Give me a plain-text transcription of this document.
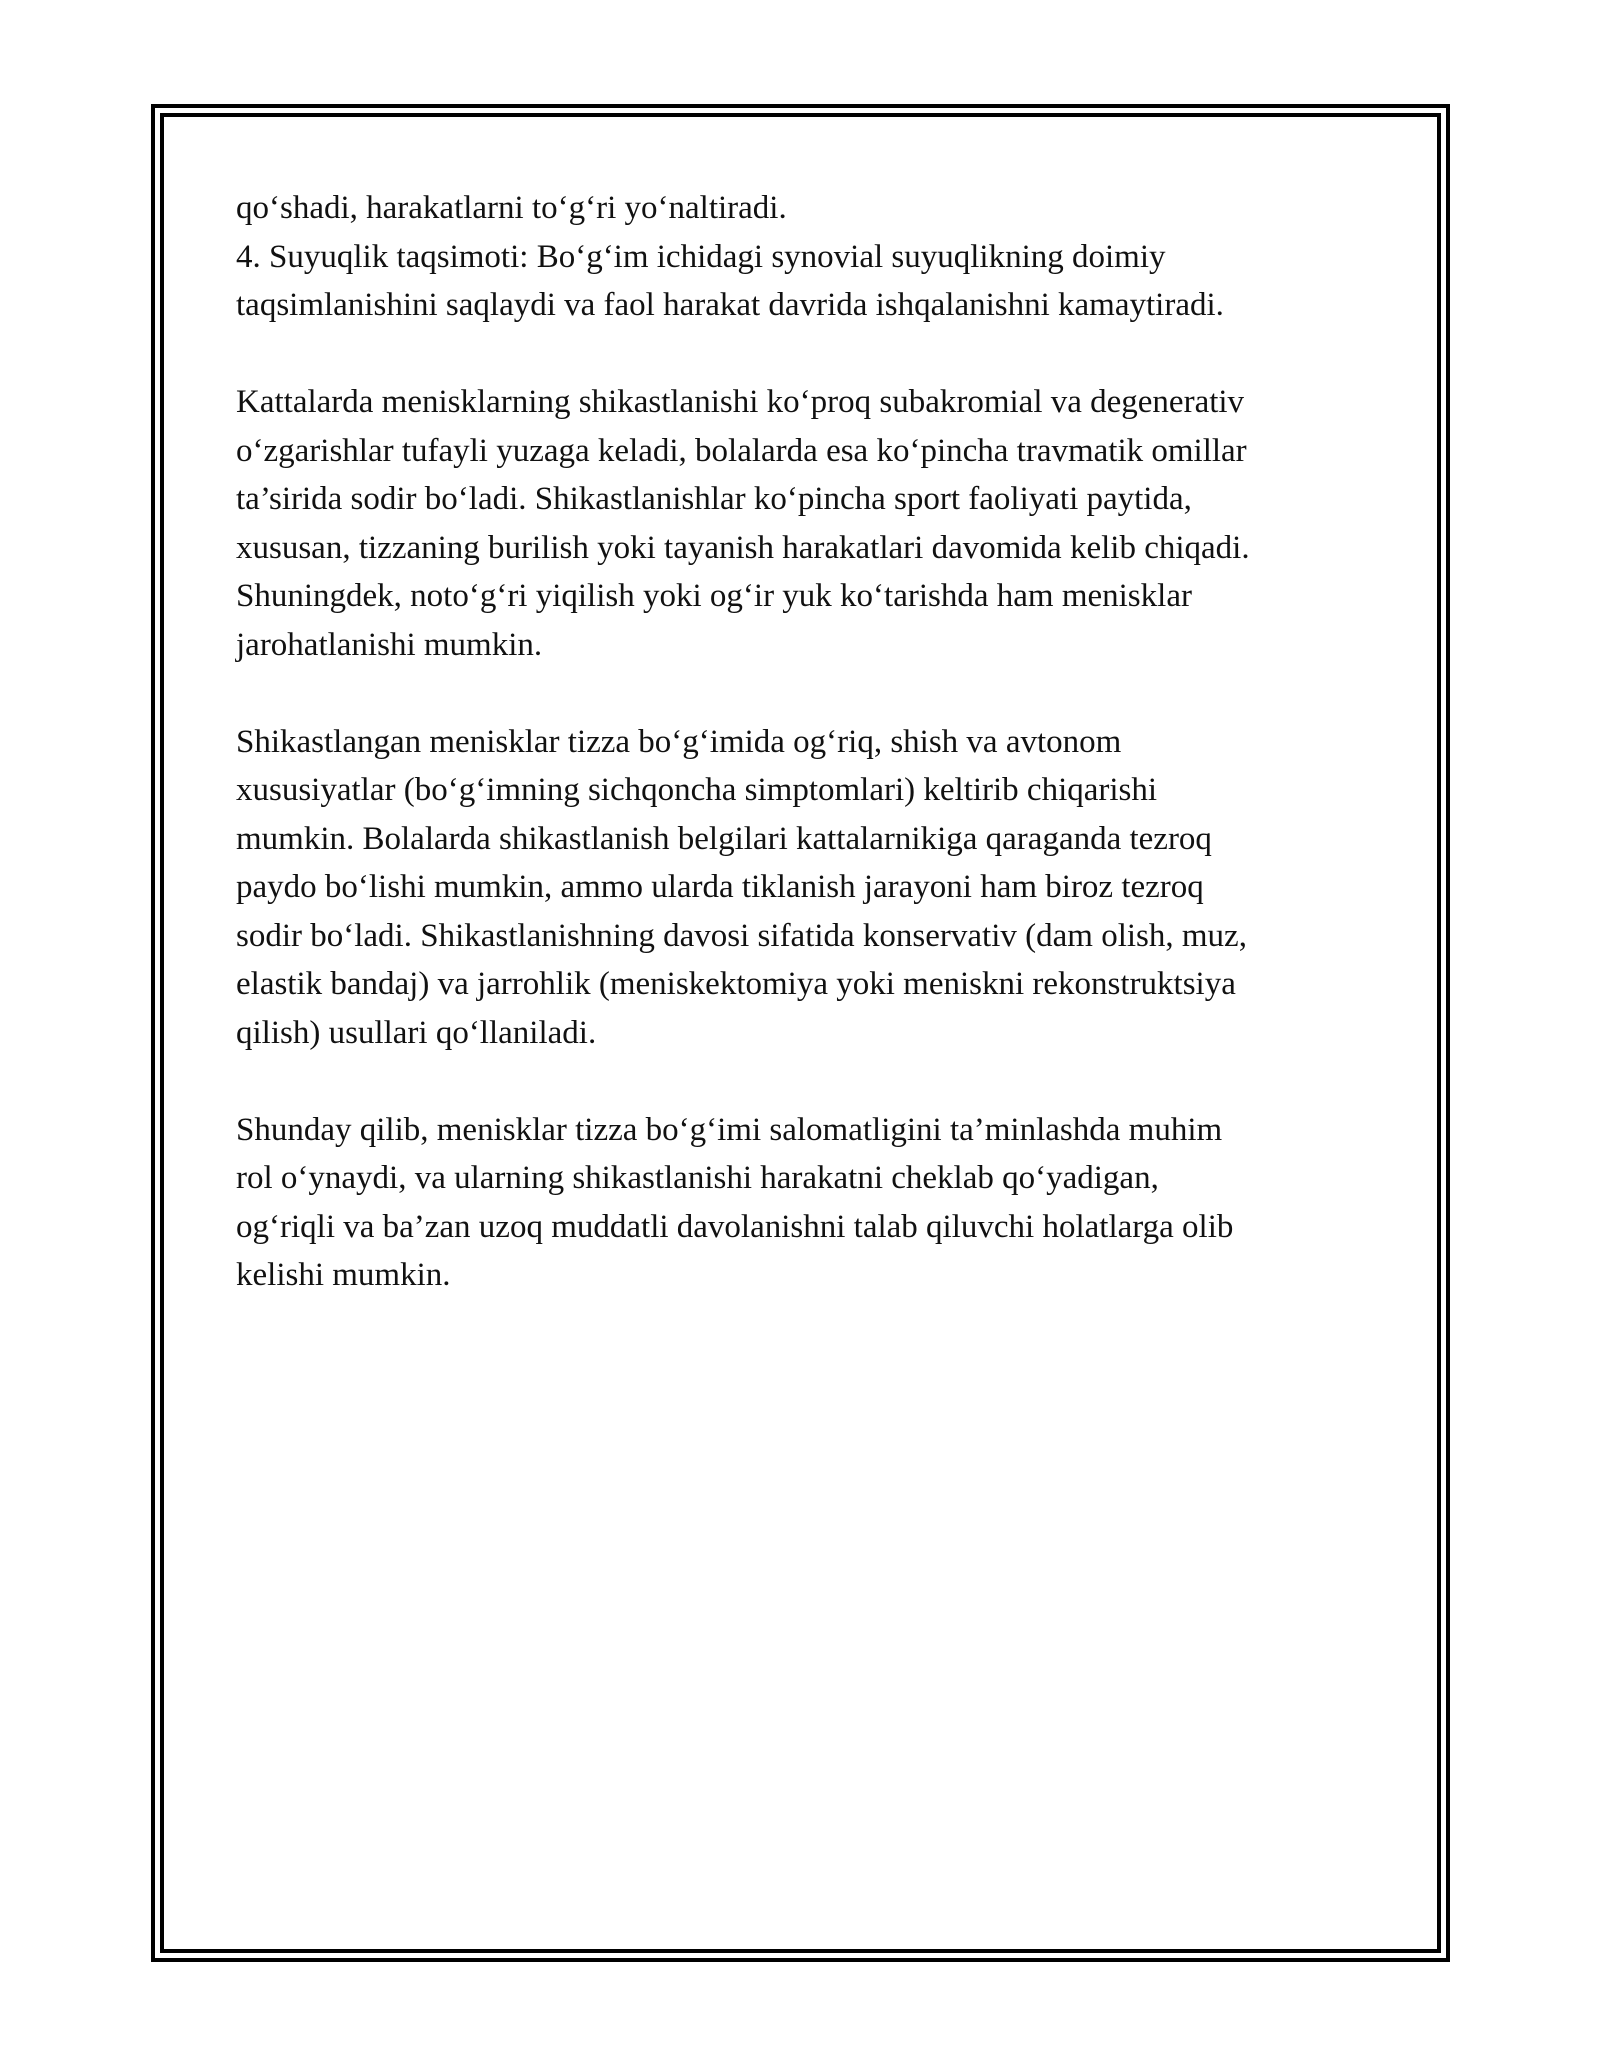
qo‘shadi, harakatlarni to‘g‘ri yo‘naltiradi.
4. Suyuqlik taqsimoti: Bo‘g‘im ichidagi synovial suyuqlikning doimiy
taqsimlanishini saqlaydi va faol harakat davrida ishqalanishni kamaytiradi.
Kattalarda menisklarning shikastlanishi ko‘proq subakromial va degenerativ
o‘zgarishlar tufayli yuzaga keladi, bolalarda esa ko‘pincha travmatik omillar
ta’sirida sodir bo‘ladi. Shikastlanishlar ko‘pincha sport faoliyati paytida,
xususan, tizzaning burilish yoki tayanish harakatlari davomida kelib chiqadi.
Shuningdek, noto‘g‘ri yiqilish yoki og‘ir yuk ko‘tarishda ham menisklar
jarohatlanishi mumkin.
Shikastlangan menisklar tizza bo‘g‘imida og‘riq, shish va avtonom
xususiyatlar (bo‘g‘imning sichqoncha simptomlari) keltirib chiqarishi
mumkin. Bolalarda shikastlanish belgilari kattalarnikiga qaraganda tezroq
paydo bo‘lishi mumkin, ammo ularda tiklanish jarayoni ham biroz tezroq
sodir bo‘ladi. Shikastlanishning davosi sifatida konservativ (dam olish, muz,
elastik bandaj) va jarrohlik (meniskektomiya yoki meniskni rekonstruktsiya
qilish) usullari qo‘llaniladi.
Shunday qilib, menisklar tizza bo‘g‘imi salomatligini ta’minlashda muhim
rol o‘ynaydi, va ularning shikastlanishi harakatni cheklab qo‘yadigan,
og‘riqli va ba’zan uzoq muddatli davolanishni talab qiluvchi holatlarga olib
kelishi mumkin.
